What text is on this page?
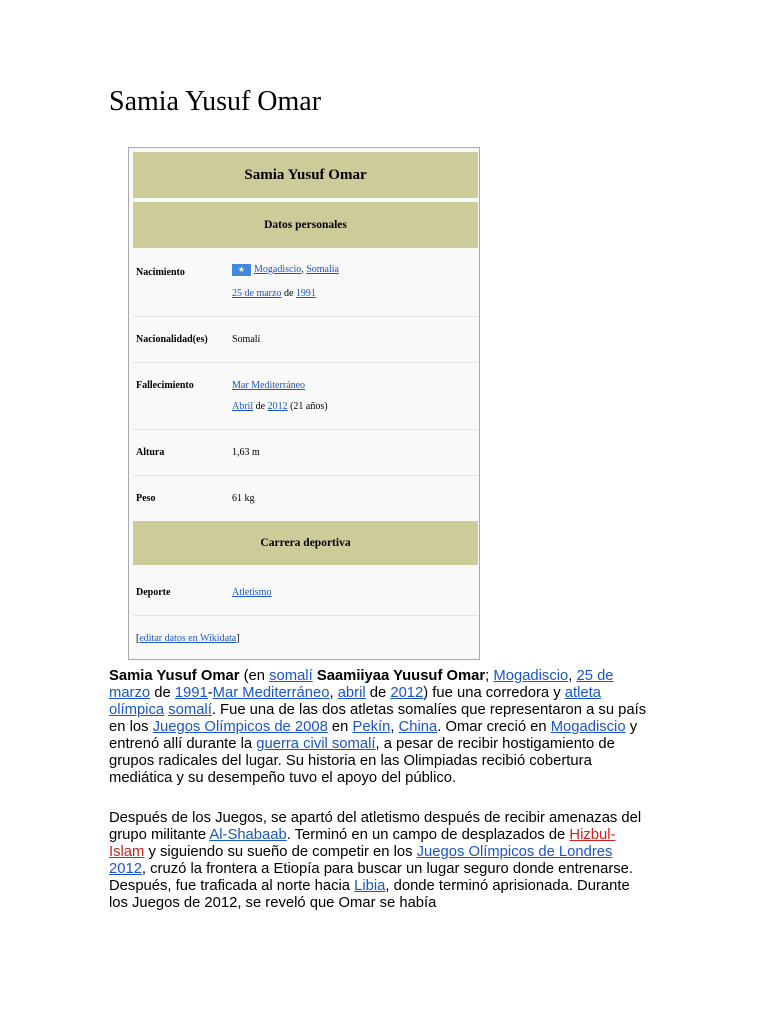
Samia Yusuf Omar
Samia Yusuf Omar
Datos personales
Nacimiento	★ Mogadiscio, Somalia
25 de marzo de 1991
Nacionalidad(es) Somalí
Fallecimiento	Mar Mediterráneo
Abril de 2012 (21 años)
Altura	1,63 m
Peso	61 kg
Carrera deportiva
Deporte	Atletismo
[editar datos en Wikidata]

Samia Yusuf Omar (en somalí Saamiiyaa Yuusuf Omar; Mogadiscio, 25 de marzo de 1991-Mar Mediterráneo, abril de 2012) fue una corredora y atleta olímpica somalí. Fue una de las dos atletas somalíes que representaron a su país en los Juegos Olímpicos de 2008 en Pekín, China. Omar creció en Mogadiscio y entrenó allí durante la guerra civil somalí, a pesar de recibir hostigamiento de grupos radicales del lugar. Su historia en las Olimpiadas recibió cobertura mediática y su desempeño tuvo el apoyo del público.

Después de los Juegos, se apartó del atletismo después de recibir amenazas del grupo militante Al-Shabaab. Terminó en un campo de desplazados de Hizbul-Islam y siguiendo su sueño de competir en los Juegos Olímpicos de Londres 2012, cruzó la frontera a Etiopía para buscar un lugar seguro donde entrenarse. Después, fue traficada al norte hacia Libia, donde terminó aprisionada. Durante los Juegos de 2012, se reveló que Omar se había
